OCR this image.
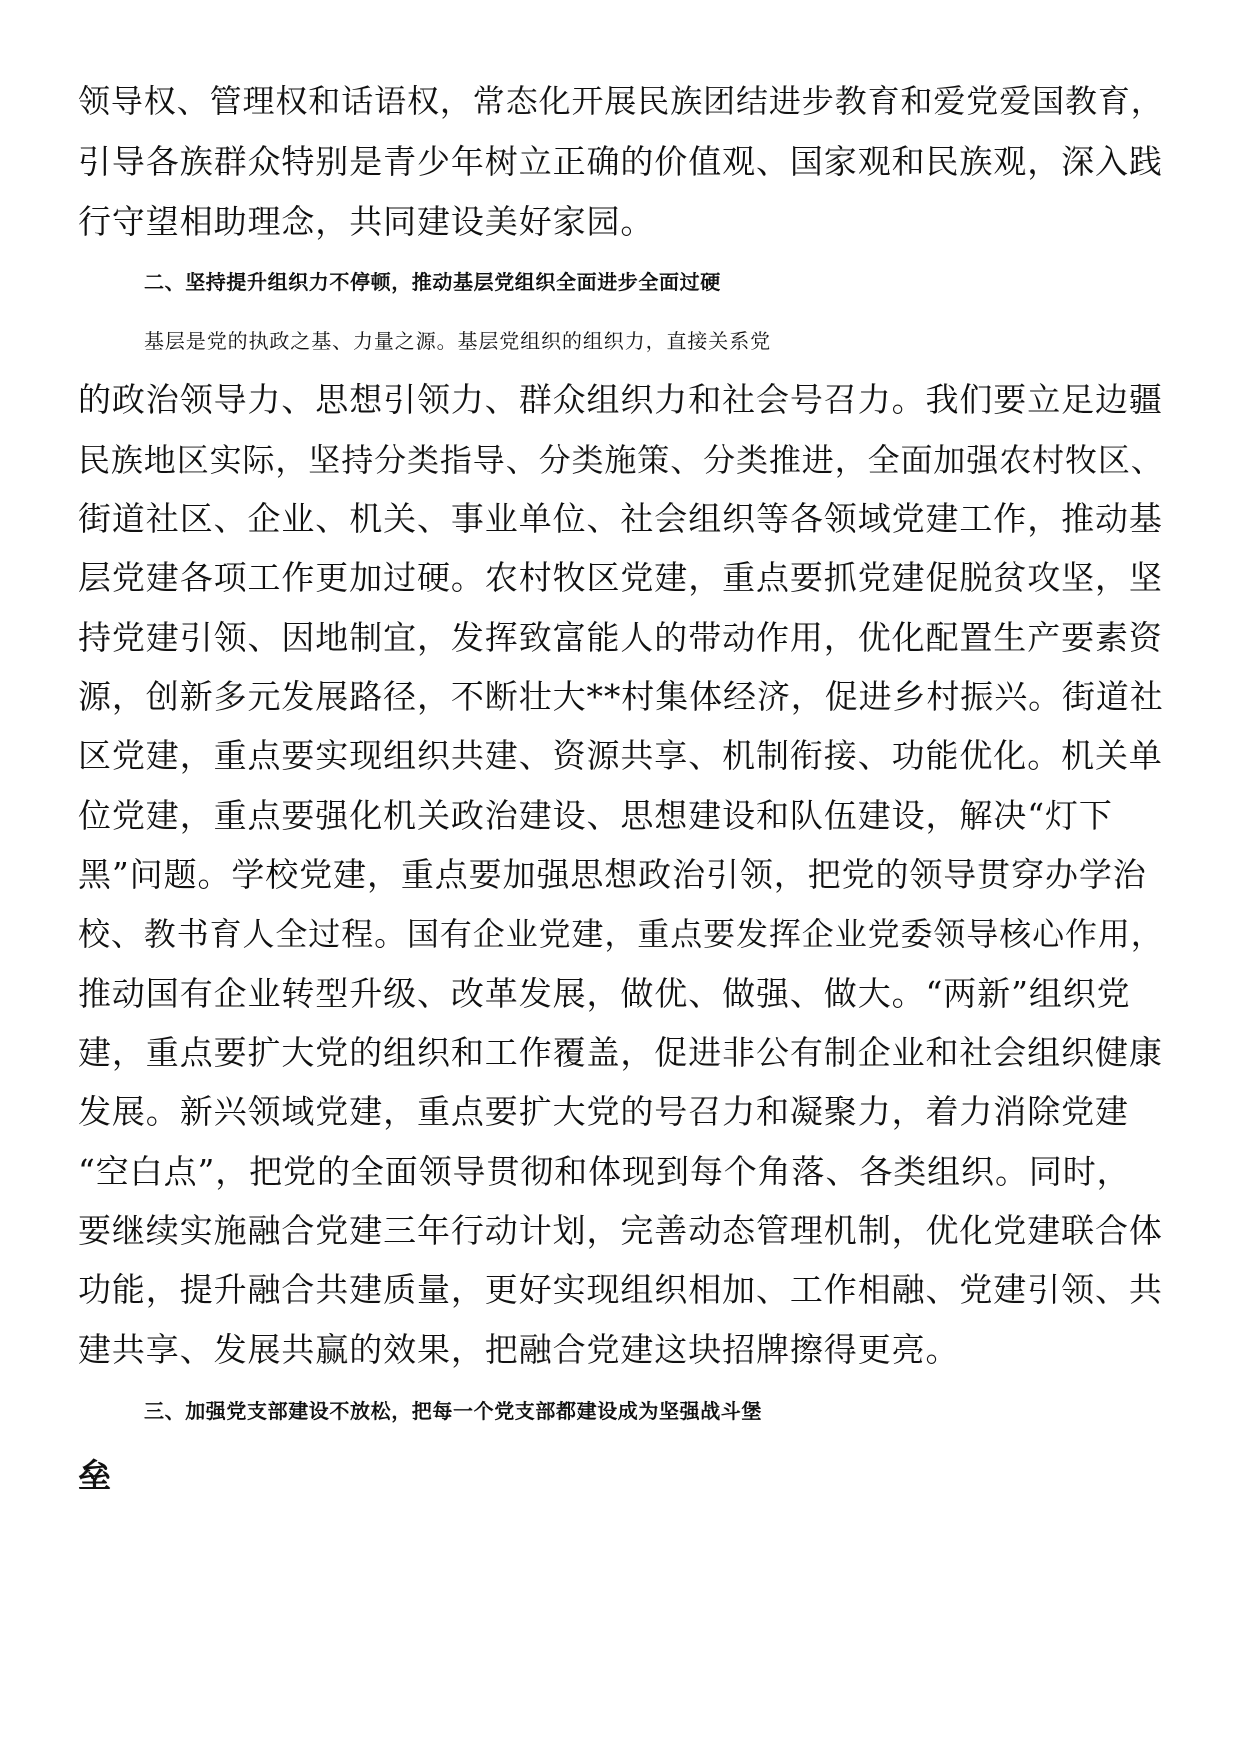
领导权、管理权和话语权，常态化开展民族团结进步教育和爱党爱国教育，
引导各族群众特别是青少年树立正确的价值观、国家观和民族观，深入践
行守望相助理念，共同建设美好家园。
二、坚持提升组织力不停顿，推动基层党组织全面进步全面过硬
基层是党的执政之基、力量之源。基层党组织的组织力，直接关系党
的政治领导力、思想引领力、群众组织力和社会号召力。我们要立足边疆
民族地区实际，坚持分类指导、分类施策、分类推进，全面加强农村牧区、
街道社区、企业、机关、事业单位、社会组织等各领域党建工作，推动基
层党建各项工作更加过硬。农村牧区党建，重点要抓党建促脱贫攻坚，坚
持党建引领、因地制宜，发挥致富能人的带动作用，优化配置生产要素资
源，创新多元发展路径，不断壮大**村集体经济，促进乡村振兴。街道社
区党建，重点要实现组织共建、资源共享、机制衔接、功能优化。机关单
位党建，重点要强化机关政治建设、思想建设和队伍建设，解决“灯下
黑”问题。学校党建，重点要加强思想政治引领，把党的领导贯穿办学治
校、教书育人全过程。国有企业党建，重点要发挥企业党委领导核心作用，
推动国有企业转型升级、改革发展，做优、做强、做大。“两新”组织党
建，重点要扩大党的组织和工作覆盖，促进非公有制企业和社会组织健康
发展。新兴领域党建，重点要扩大党的号召力和凝聚力，着力消除党建
“空白点”，把党的全面领导贯彻和体现到每个角落、各类组织。同时，
要继续实施融合党建三年行动计划，完善动态管理机制，优化党建联合体
功能，提升融合共建质量，更好实现组织相加、工作相融、党建引领、共
建共享、发展共赢的效果，把融合党建这块招牌擦得更亮。
三、加强党支部建设不放松，把每一个党支部都建设成为坚强战斗堡
垒
